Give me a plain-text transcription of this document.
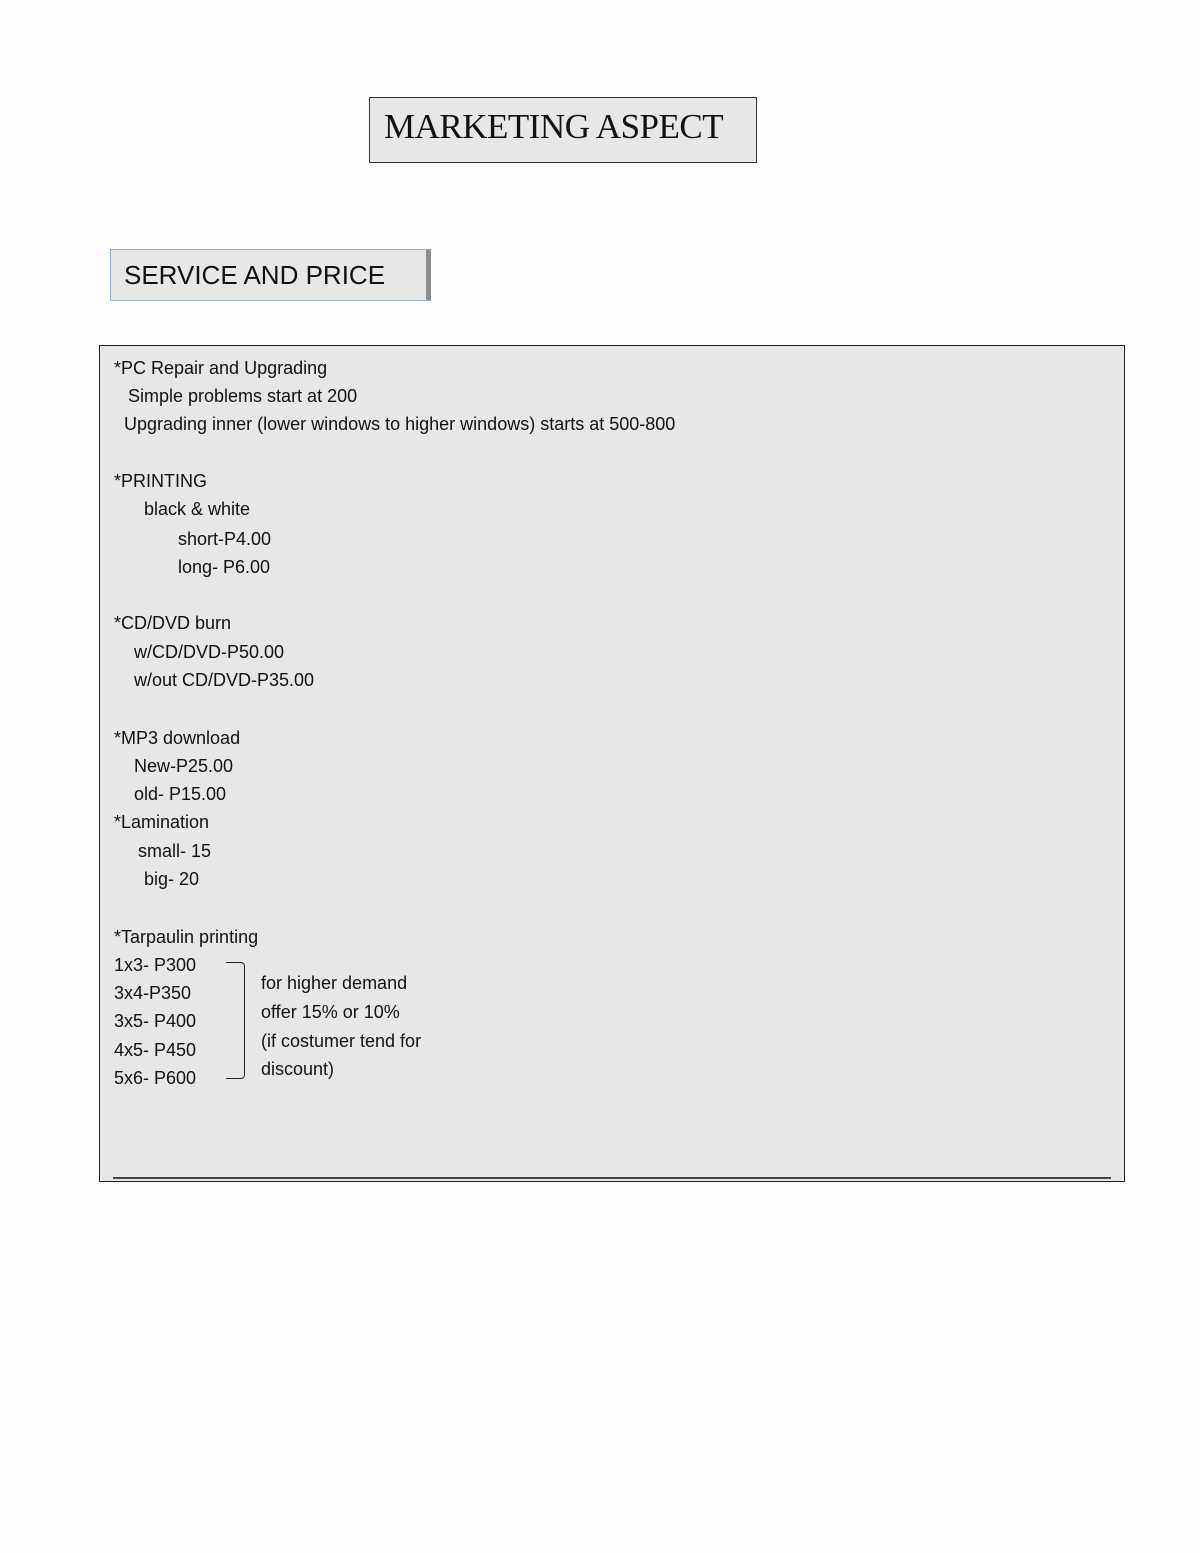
MARKETING ASPECT
SERVICE AND PRICE
*PC Repair and Upgrading
Simple problems start at 200
Upgrading inner (lower windows to higher windows) starts at 500-800
*PRINTING
black & white
short-P4.00
long- P6.00
*CD/DVD burn
w/CD/DVD-P50.00
w/out CD/DVD-P35.00
*MP3 download
New-P25.00
old- P15.00
*Lamination
small- 15
big- 20
*Tarpaulin printing
1x3- P300
3x4-P350
3x5- P400
4x5- P450
5x6- P600
for higher demand
offer 15% or 10%
(if costumer tend for
discount)
